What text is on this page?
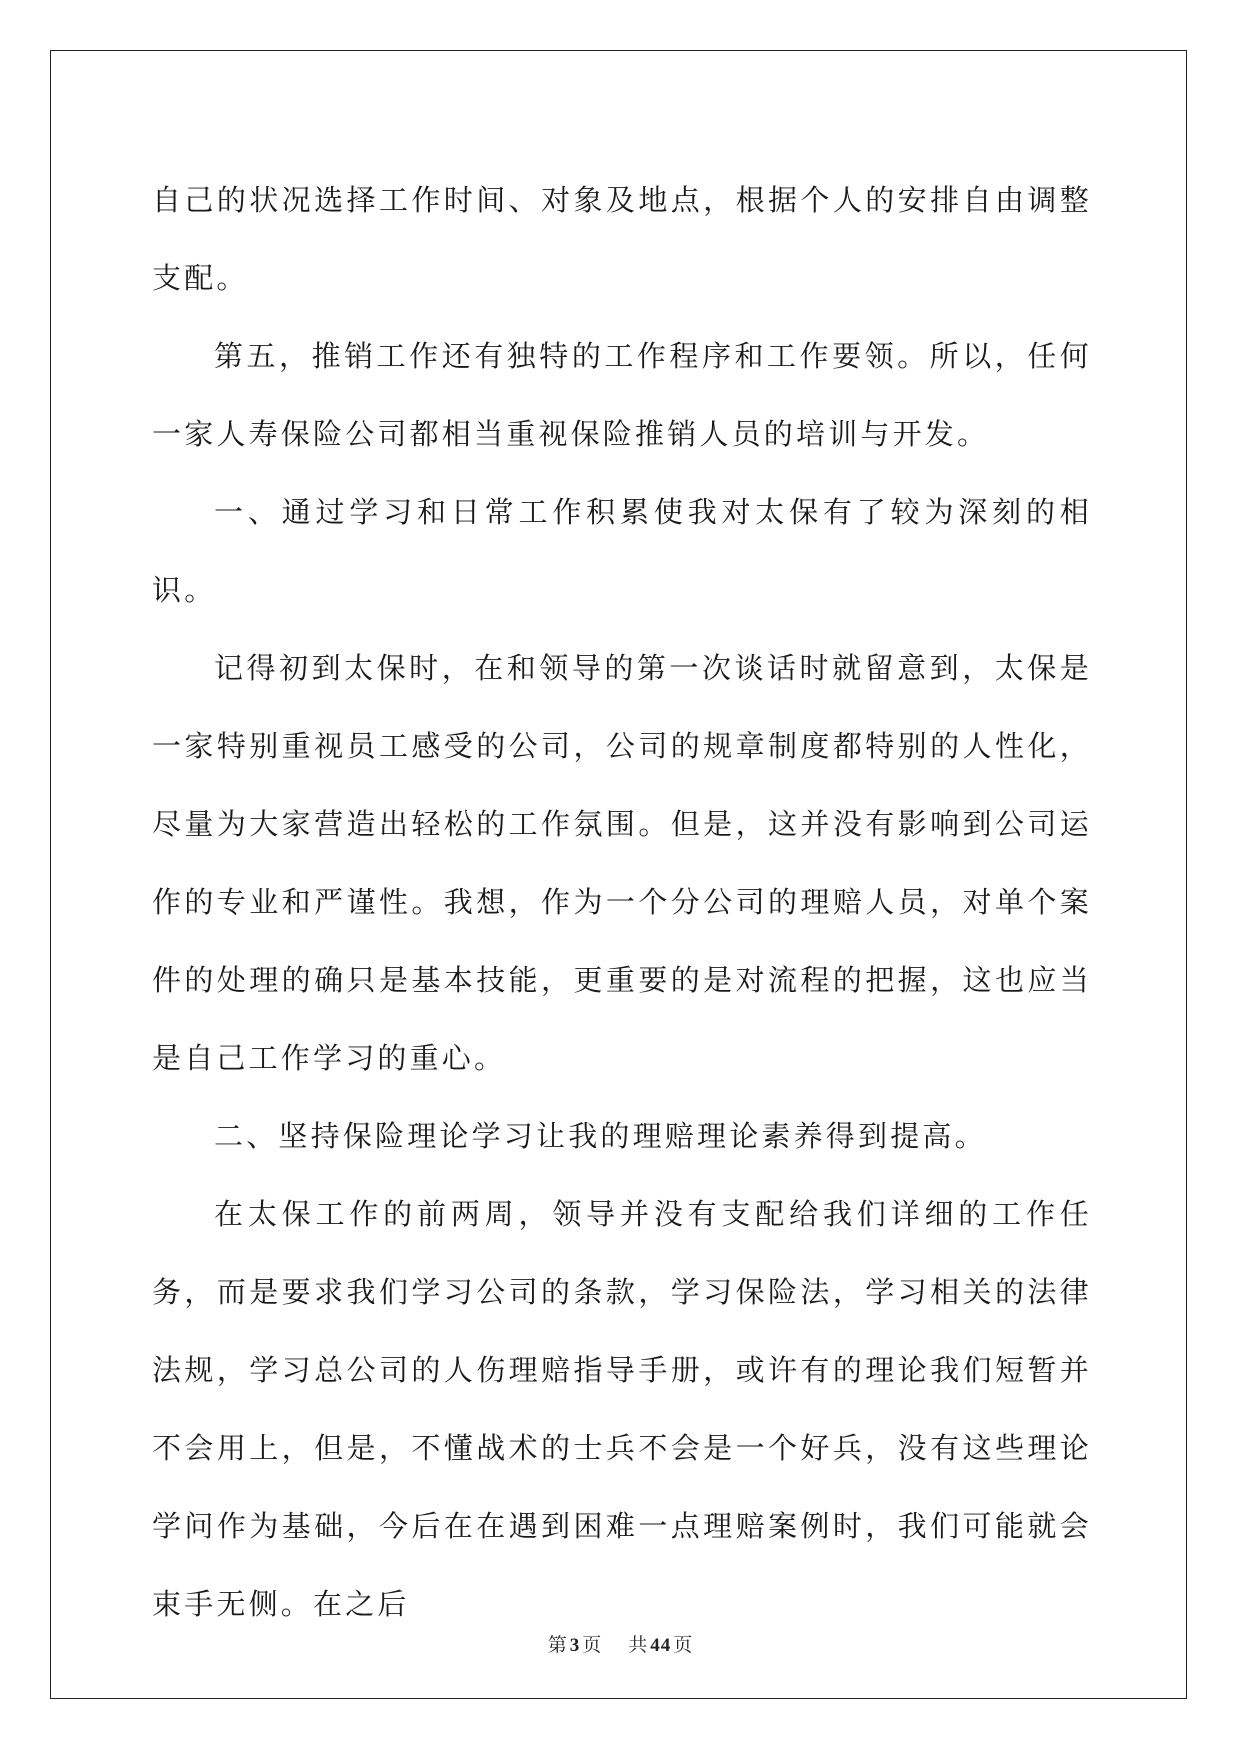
自己的状况选择工作时间、对象及地点，根据个人的安排自由调整支配。

第五，推销工作还有独特的工作程序和工作要领。所以，任何一家人寿保险公司都相当重视保险推销人员的培训与开发。

一、通过学习和日常工作积累使我对太保有了较为深刻的相识。

记得初到太保时，在和领导的第一次谈话时就留意到，太保是一家特别重视员工感受的公司，公司的规章制度都特别的人性化，尽量为大家营造出轻松的工作氛围。但是，这并没有影响到公司运作的专业和严谨性。我想，作为一个分公司的理赔人员，对单个案件的处理的确只是基本技能，更重要的是对流程的把握，这也应当是自己工作学习的重心。

二、坚持保险理论学习让我的理赔理论素养得到提高。

在太保工作的前两周，领导并没有支配给我们详细的工作任务，而是要求我们学习公司的条款，学习保险法，学习相关的法律法规，学习总公司的人伤理赔指导手册，或许有的理论我们短暂并不会用上，但是，不懂战术的士兵不会是一个好兵，没有这些理论学问作为基础，今后在在遇到困难一点理赔案例时，我们可能就会束手无侧。在之后

第 3 页 共 44 页
